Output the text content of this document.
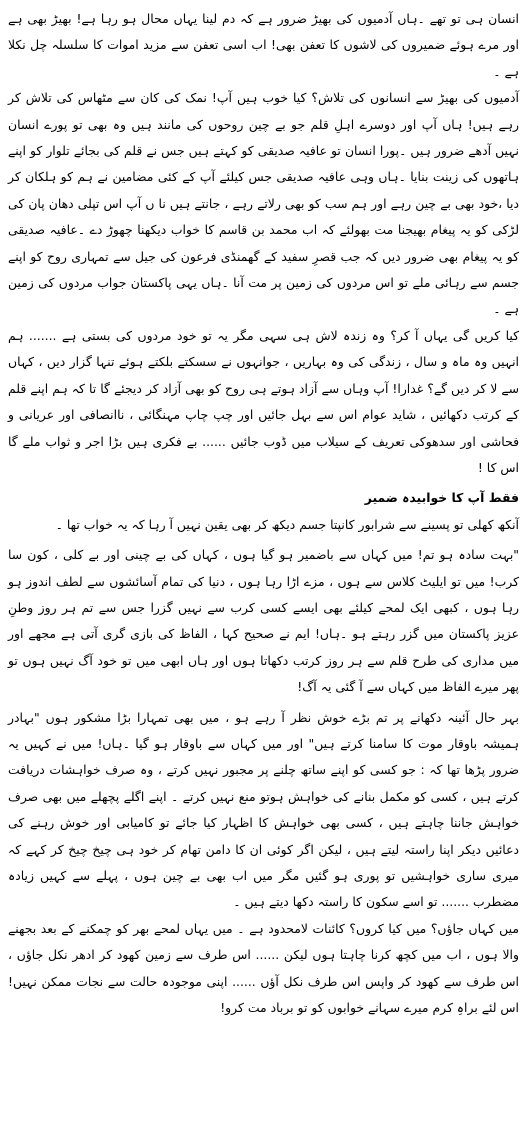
انسان ہی تو تھے ۔ہاں آدمیوں کی بھیڑ ضرور ہے کہ دم لینا یہاں محال ہو رہا ہے! بھیڑ بھی ہے اور مرے ہوئے ضمیروں کی لاشوں کا تعفن بھی! اب اسی تعفن سے مزید اموات کا سلسلہ چل نکلا ہے ۔

آدمیوں کی بھیڑ سے انسانوں کی تلاش؟ کیا خوب ہیں آپ! نمک کی کان سے مٹھاس کی تلاش کر رہے ہیں! ہاں آپ اور دوسرے اہلِ قلم جو بے چین روحوں کی مانند ہیں وہ بھی تو پورے انسان نہیں آدھے ضرور ہیں ۔پورا انسان تو عافیہ صدیقی کو کہتے ہیں جس نے قلم کی بجائے تلوار کو اپنے ہاتھوں کی زینت بنایا ۔ہاں وہی عافیہ صدیقی جس کیلئے آپ کے کئی مضامین نے ہم کو ہلکان کر دیا ،خود بھی بے چین رہے اور ہم سب کو بھی رلاتے رہے ، جانتے ہیں نا ں آپ اس تپلی دھان پان کی لڑکی کو یہ پیغام بھیجنا مت بھولئے کہ اب محمد بن قاسم کا خواب دیکھنا چھوڑ دے ۔عافیہ صدیقی کو یہ پیغام بھی ضرور دیں کہ جب قصرِ سفید کے گھمنڈی فرعون کی جیل سے تمہاری روح کو اپنے جسم سے رہائی ملے تو اس مردوں کی زمین پر مت آنا ۔ہاں یہی پاکستان جواب مردوں کی زمین ہے ۔

کیا کریں گی یہاں آ کر؟ وہ زندہ لاش ہی سہی مگر یہ تو خود مردوں کی بستی ہے ....... ہم انہیں وہ ماہ و سال ، زندگی کی وہ بہاریں ، جوانہوں نے سسکتے بلکتے ہوئے تنہا گزار دیں ، کہاں سے لا کر دیں گے؟ غدارا! آپ وہاں سے آزاد ہوتے ہی روح کو بھی آزاد کر دیجئے گا تا کہ ہم اپنے قلم کے کرتب دکھائیں ، شاید عوام اس سے بہل جائیں اور چپ چاپ مہنگائی ، ناانصافی اور عریانی و فحاشی اور سدھوکی تعریف کے سیلاب میں ڈوب جائیں ...... بے فکری ہیں بڑا اجر و ثواب ملے گا اس کا !

فقط آپ کا خوابیدہ ضمیر

آنکھ کھلی تو پسینے سے شرابور کانپتا جسم دیکھ کر بھی یقین نہیں آ رہا کہ یہ خواب تھا ۔

"بہت سادہ ہو تم! میں کہاں سے باضمیر ہو گیا ہوں ، کہاں کی بے چینی اور بے کلی ، کون سا کرب! میں تو ایلیٹ کلاس سے ہوں ، مزے اڑا رہا ہوں ، دنیا کی تمام آسائشوں سے لطف اندوز ہو رہا ہوں ، کبھی ایک لمحے کیلئے بھی ایسے کسی کرب سے نہیں گزرا جس سے تم ہر روز وطنِ عزیز پاکستان میں گزر رہتے ہو ۔ہاں! ایم نے صحیح کہا ، الفاظ کی بازی گری آتی ہے مجھے اور میں مداری کی طرح قلم سے ہر روز کرتب دکھاتا ہوں اور ہاں ابھی میں تو خود آگ نہیں ہوں تو پھر میرے الفاظ میں کہاں سے آ گئی یہ آگ!

بہر حال آئینہ دکھانے پر تم بڑے خوش نظر آ رہے ہو ، میں بھی تمہارا بڑا مشکور ہوں "بہادر ہمیشہ باوقار موت کا سامنا کرتے ہیں" اور میں کہاں سے باوقار ہو گیا ۔ہاں! میں نے کہیں یہ ضرور پڑھا تھا کہ : جو کسی کو اپنے ساتھ چلنے پر مجبور نہیں کرتے ، وہ صرف خواہشات دریافت کرتے ہیں ، کسی کو مکمل بنانے کی خواہش ہوتو منع نہیں کرتے ۔ اپنے اگلے پچھلے میں بھی صرف خواہش جاننا چاہتے ہیں ، کسی بھی خواہش کا اظہار کیا جائے تو کامیابی اور خوش رہنے کی دعائیں دیکر اپنا راستہ لیتے ہیں ، لیکن اگر کوئی ان کا دامن تھام کر خود ہی چیخ چیخ کر کہے کہ میری ساری خواہشیں تو پوری ہو گئیں مگر میں اب بھی بے چین ہوں ، پہلے سے کہیں زیادہ مضطرب ....... تو اسے سکون کا راستہ دکھا دیتے ہیں ۔

میں کہاں جاؤں؟ میں کیا کروں؟ کائنات لامحدود ہے ۔ میں یہاں لمحے بھر کو چمکنے کے بعد بجھنے والا ہوں ، اب میں کچھ کرنا چاہتا ہوں لیکن ...... اس طرف سے زمین کھود کر ادھر نکل جاؤں ، اس طرف سے کھود کر واپس اس طرف نکل آؤں ...... اپنی موجودہ حالت سے نجات ممکن نہیں! اس لئے براہِ کرم میرے سہانے خوابوں کو تو برباد مت کرو!
